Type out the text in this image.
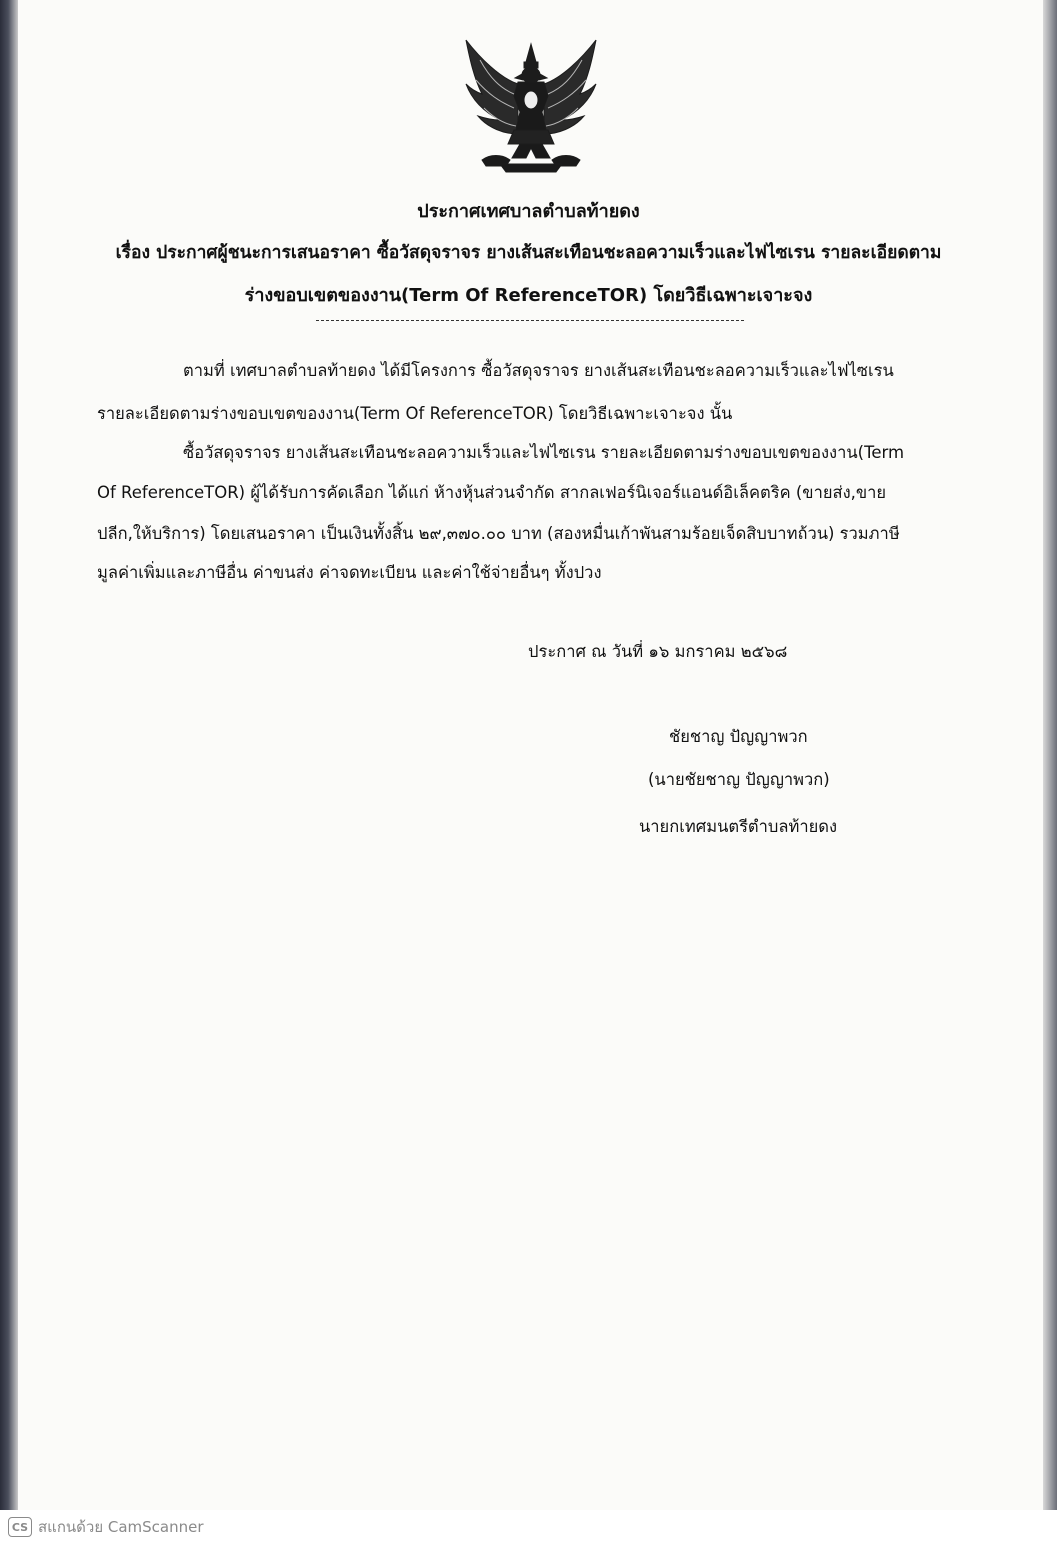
ประกาศเทศบาลตำบลท้ายดง
เรื่อง ประกาศผู้ชนะการเสนอราคา ซื้อวัสดุจราจร ยางเส้นสะเทือนชะลอความเร็วและไฟไซเรน รายละเอียดตาม
ร่างขอบเขตของงาน(Term Of ReferenceTOR) โดยวิธีเฉพาะเจาะจง
ตามที่ เทศบาลตำบลท้ายดง ได้มีโครงการ ซื้อวัสดุจราจร ยางเส้นสะเทือนชะลอความเร็วและไฟไซเรน
รายละเอียดตามร่างขอบเขตของงาน(Term Of ReferenceTOR) โดยวิธีเฉพาะเจาะจง นั้น
ซื้อวัสดุจราจร ยางเส้นสะเทือนชะลอความเร็วและไฟไซเรน รายละเอียดตามร่างขอบเขตของงาน(Term
Of ReferenceTOR) ผู้ได้รับการคัดเลือก ได้แก่ ห้างหุ้นส่วนจำกัด สากลเฟอร์นิเจอร์แอนด์อิเล็คตริค (ขายส่ง,ขาย
ปลีก,ให้บริการ) โดยเสนอราคา เป็นเงินทั้งสิ้น ๒๙,๓๗๐.๐๐ บาท (สองหมื่นเก้าพันสามร้อยเจ็ดสิบบาทถ้วน) รวมภาษี
มูลค่าเพิ่มและภาษีอื่น ค่าขนส่ง ค่าจดทะเบียน และค่าใช้จ่ายอื่นๆ ทั้งปวง
ประกาศ ณ วันที่ ๑๖ มกราคม ๒๕๖๘
ชัยชาญ ปัญญาพวก
(นายชัยชาญ ปัญญาพวก)
นายกเทศมนตรีตำบลท้ายดง
CS สแกนด้วย CamScanner
